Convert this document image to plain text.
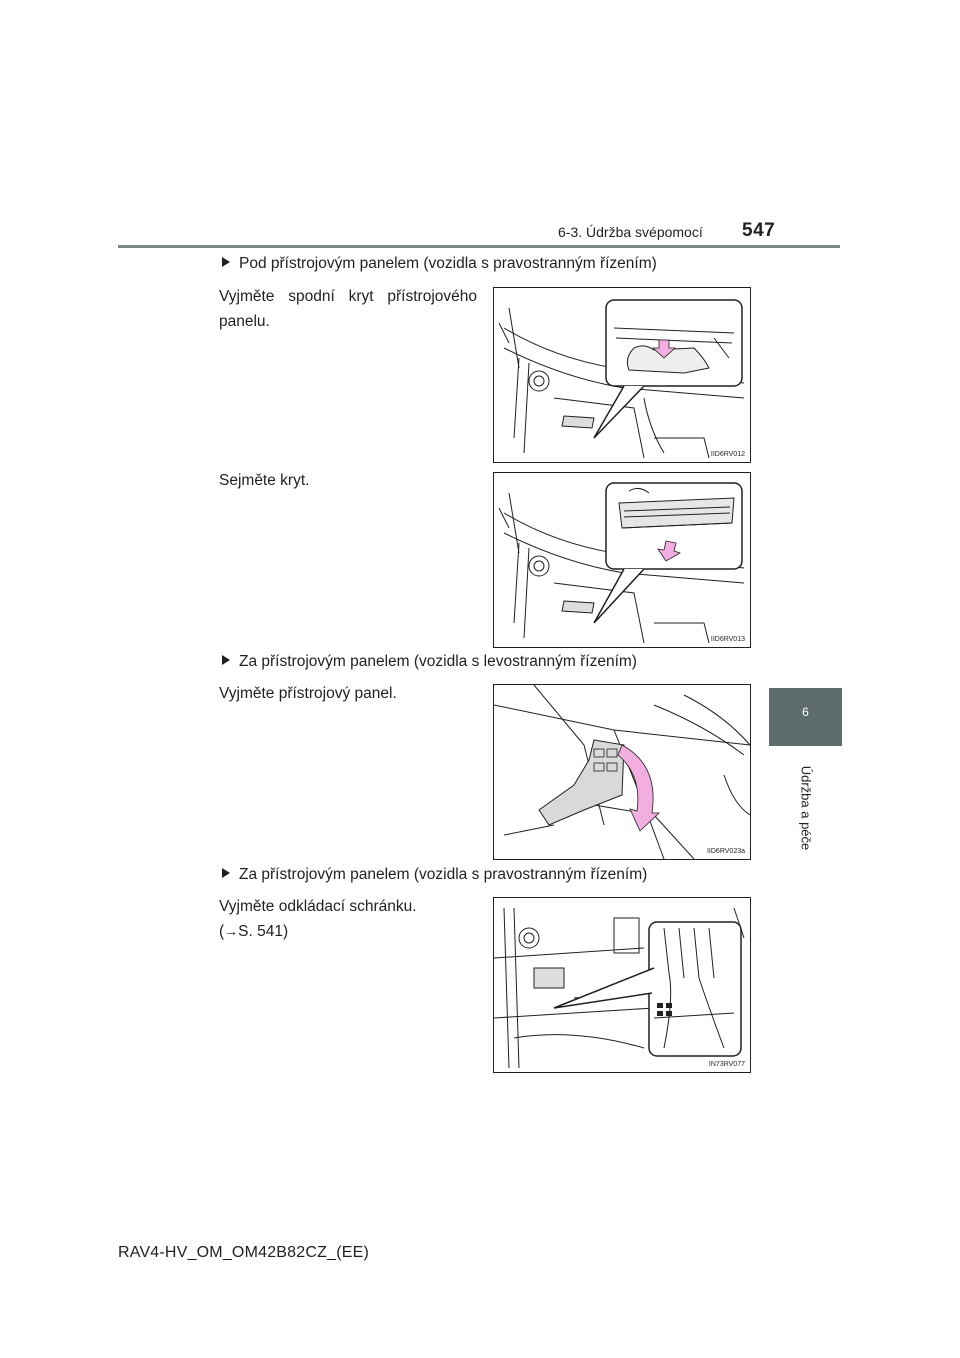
6-3. Údržba svépomocí 547
6
Údržba a péče
Pod přístrojovým panelem (vozidla s pravostranným řízením)
Vyjměte spodní kryt přístrojového panelu.
IID6RV012
Sejměte kryt.
IID6RV013
Za přístrojovým panelem (vozidla s levostranným řízením)
Vyjměte přístrojový panel.
IID6RV023a
Za přístrojovým panelem (vozidla s pravostranným řízením)
Vyjměte odkládací schránku.
(→S. 541)
IN73RV077
RAV4-HV_OM_OM42B82CZ_(EE)
